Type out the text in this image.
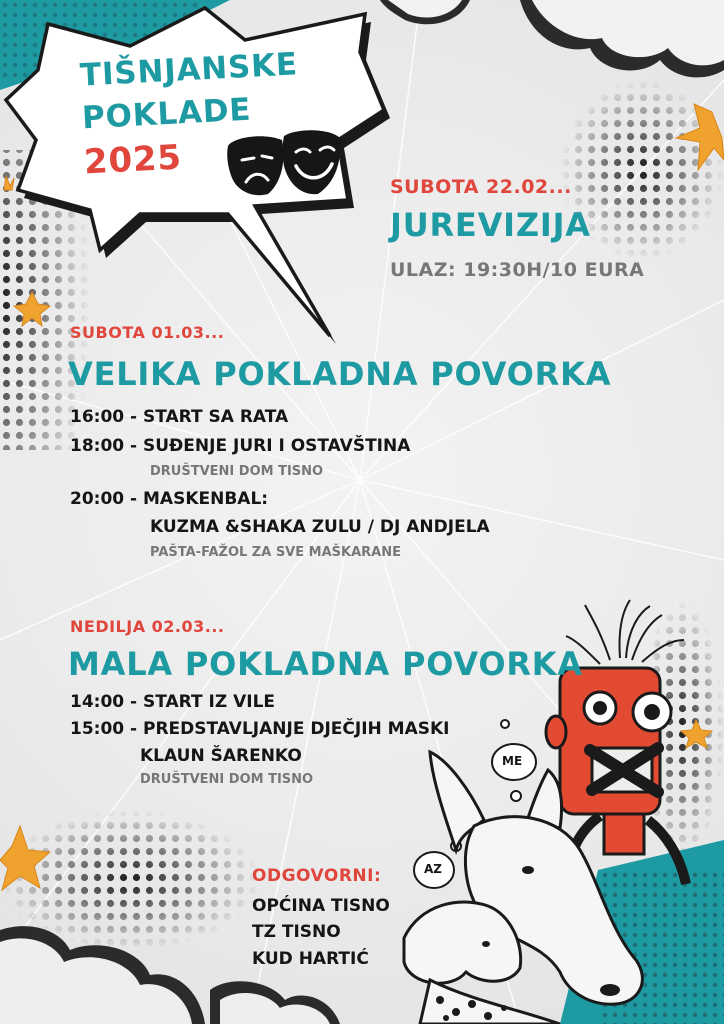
TIŠNJANSKE
POKLADE
2025
ME
AZ
SUBOTA 22.02...
JUREVIZIJA
ULAZ: 19:30H/10 EURA
SUBOTA 01.03...
VELIKA POKLADNA POVORKA
16:00 - START SA RATA
18:00 - SUĐENJE JURI I OSTAVŠTINA
DRUŠTVENI DOM TISNO
20:00 - MASKENBAL:
KUZMA &SHAKA ZULU / DJ ANDJELA
PAŠTA-FAŽOL ZA SVE MAŠKARANE
NEDILJA 02.03...
MALA POKLADNA POVORKA
14:00 - START IZ VILE
15:00 - PREDSTAVLJANJE DJEČJIH MASKI
KLAUN ŠARENKO
DRUŠTVENI DOM TISNO
ODGOVORNI:
OPĆINA TISNO
TZ TISNO
KUD HARTIĆ
